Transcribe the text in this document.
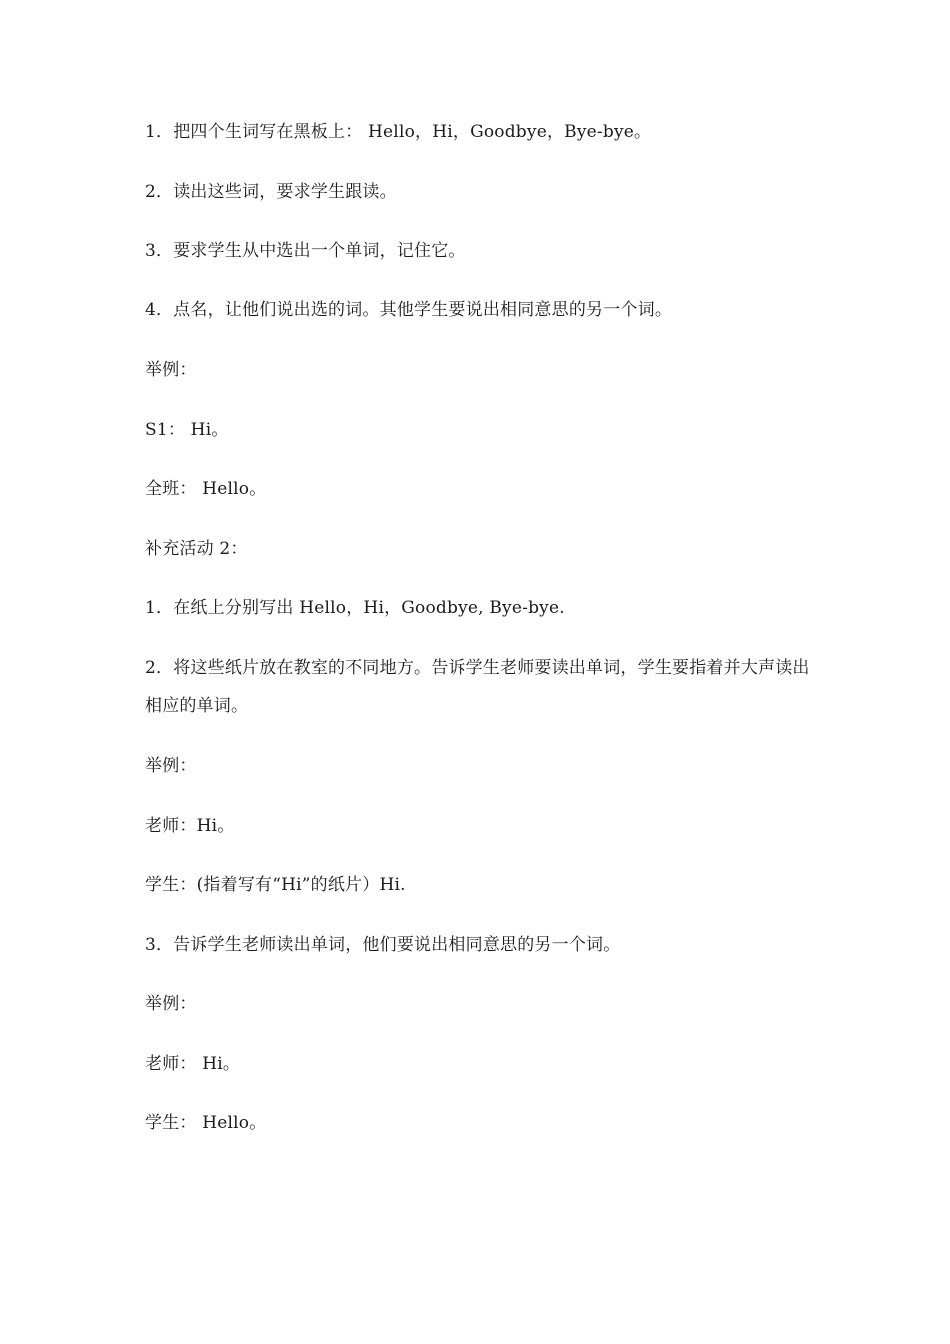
1．把四个生词写在黑板上： Hello，Hi，Goodbye，Bye-bye。
2．读出这些词，要求学生跟读。
3．要求学生从中选出一个单词，记住它。
4．点名，让他们说出选的词。其他学生要说出相同意思的另一个词。
举例：
S1： Hi。
全班： Hello。
补充活动 2：
1．在纸上分别写出 Hello，Hi，Goodbye, Bye-bye.
2．将这些纸片放在教室的不同地方。告诉学生老师要读出单词，学生要指着并大声读出相应的单词。
举例：
老师：Hi。
学生：(指着写有“Hi”的纸片）Hi.
3．告诉学生老师读出单词，他们要说出相同意思的另一个词。
举例：
老师： Hi。
学生： Hello。
